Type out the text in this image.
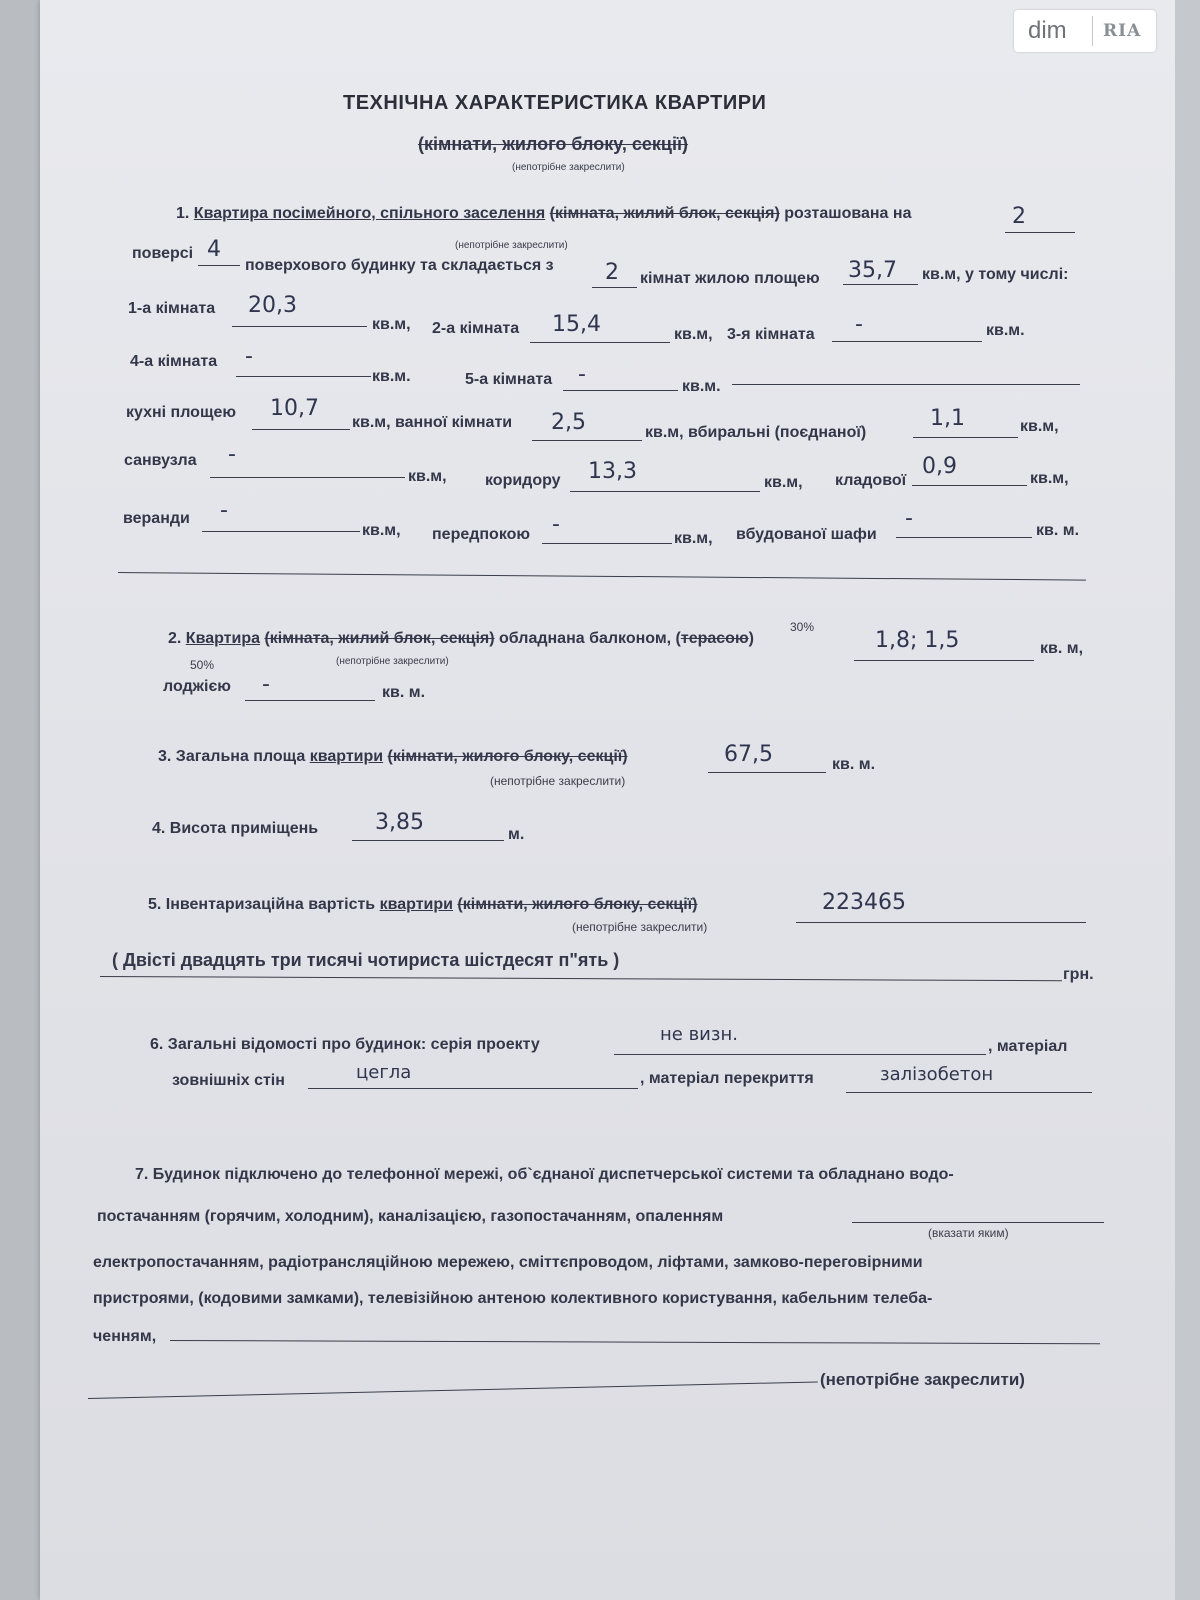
dim	RIA
ТЕХНІЧНА ХАРАКТЕРИСТИКА КВАРТИРИ
(кімнати, жилого блоку, секції)
(непотрібне закреслити)
1. Квартира посімейного, спільного заселення (кімната, жилий блок, секція) розташована на
(непотрібне закреслити)
2
поверсі 4
поверхового будинку та складається з 2 кімнат жилою площею 35,7 кв.м, у тому числі:
1-а кімната 20,3
кв.м, 2-а кімната 15,4	кв.м, 3-я кімната -	кв.м.
4-а кімната -
кв.м.	5-а кімната -	кв.м.
кухні площею 10,7
кв.м, ванної кімнати 2,5	кв.м, вбиральні (поєднаної)
1,1	кв.м,
санвузла -
кв.м, коридору 13,3	кв.м, кладової
0,9	кв.м,
веранди -
кв.м, передпокою -
кв.м, вбудованої шафи
-	кв. м.
30%
2. Квартира (кімната, жилий блок, секція) обладнана балконом, (терасою)
(непотрібне закреслити)
1,8; 1,5	кв. м,
50%
лоджією -	кв. м.
3. Загальна площа квартири (кімнати, жилого блоку, секції)
(непотрібне закреслити)
67,5	кв. м.
4. Висота приміщень	3,85	м.
5. Інвентаризаційна вартість квартири (кімнати, жилого блоку, секції)
(непотрібне закреслити)
223465
( Двісті двадцять три тисячі чотириста шістдесят п"ять )
грн.
6. Загальні відомості про будинок: серія проекту	не визн.
, матеріал
зовнішніх стін	цегла	, матеріал перекриття	залізобетон
7. Будинок підключено до телефонної мережі, об`єднаної диспетчерської системи та обладнано водо-
постачанням (горячим, холодним), каналізацією, газопостачанням, опаленням
(вказати яким)
електропостачанням, радіотрансляційною мережею, сміттєпроводом, ліфтами, замково-переговірними
пристроями, (кодовими замками), телевізійною антеною колективного користування, кабельним телеба-
ченням,
(непотрібне закреслити)
